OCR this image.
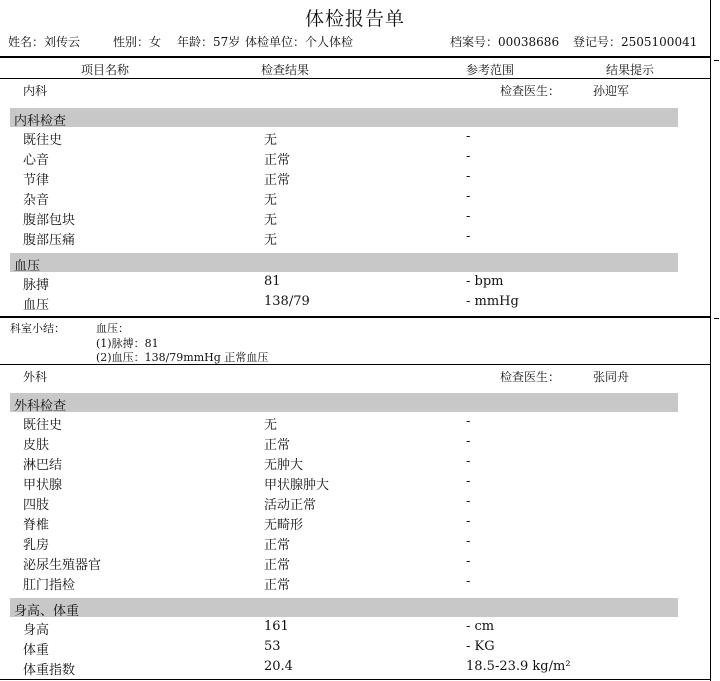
体检报告单
姓名：刘传云	性别：女 年龄：57岁 体检单位：个人体检	档案号：00038686 登记号：2505100041
项目名称	检查结果	参考范围	结果提示
内科	检查医生：	孙迎军
内科检查
既往史	无	-
心音	正常	-
节律	正常	-
杂音	无	-
腹部包块	无	-
腹部压痛	无	-
血压
脉搏	81	- bpm
血压	138/79	- mmHg
科室小结：	血压：
(1)脉搏：81
(2)血压：138/79mmHg 正常血压
外科	检查医生：	张同舟
外科检查
既往史	无	-
皮肤	正常	-
淋巴结	无肿大	-
甲状腺	甲状腺肿大	-
四肢	活动正常	-
脊椎	无畸形	-
乳房	正常	-
泌尿生殖器官	正常	-
肛门指检	正常	-
身高、体重
身高	161	- cm
体重	53	- KG
体重指数	20.4	18.5-23.9 kg/m²
